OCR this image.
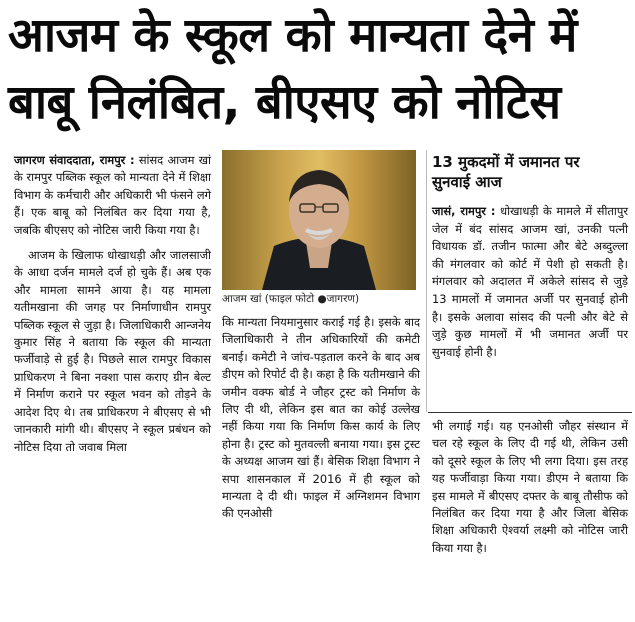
आजम के स्कूल को मान्यता देने में
बाबू निलंबित, बीएसए को नोटिस

जागरण संवाददाता, रामपुर : सांसद आजम खां के रामपुर पब्लिक स्कूल को मान्यता देने में शिक्षा विभाग के कर्मचारी और अधिकारी भी फंसने लगे हैं। एक बाबू को निलंबित कर दिया गया है, जबकि बीएसए को नोटिस जारी किया गया है।

आजम के खिलाफ धोखाधड़ी और जालसाजी के आधा दर्जन मामले दर्ज हो चुके हैं। अब एक और मामला सामने आया है। यह मामला यतीमखाना की जगह पर निर्माणाधीन रामपुर पब्लिक स्कूल से जुड़ा है। जिलाधिकारी आन्जनेय कुमार सिंह ने बताया कि स्कूल की मान्यता फर्जीवाड़े से हुई है। पिछले साल रामपुर विकास प्राधिकरण ने बिना नक्शा पास कराए ग्रीन बेल्ट में निर्माण कराने पर स्कूल भवन को तोड़ने के आदेश दिए थे। तब प्राधिकरण ने बीएसए से भी जानकारी मांगी थी। बीएसए ने स्कूल प्रबंधन को नोटिस दिया तो जवाब मिला

आजम खां (फाइल फोटो ●जागरण)

कि मान्यता नियमानुसार कराई गई है। इसके बाद जिलाधिकारी ने तीन अधिकारियों की कमेटी बनाई। कमेटी ने जांच-पड़ताल करने के बाद अब डीएम को रिपोर्ट दी है। कहा है कि यतीमखाने की जमीन वक्फ बोर्ड ने जौहर ट्रस्ट को निर्माण के लिए दी थी, लेकिन इस बात का कोई उल्लेख नहीं किया गया कि निर्माण किस कार्य के लिए होना है। ट्रस्ट को मुतवल्ली बनाया गया। इस ट्रस्ट के अध्यक्ष आजम खां हैं। बेसिक शिक्षा विभाग ने सपा शासनकाल में 2016 में ही स्कूल को मान्यता दे दी थी। फाइल में अग्निशमन विभाग की एनओसी

13 मुकदमों में जमानत पर
सुनवाई आज

जासं, रामपुर : धोखाधड़ी के मामले में सीतापुर जेल में बंद सांसद आजम खां, उनकी पत्नी विधायक डॉ. तजीन फात्मा और बेटे अब्दुल्ला की मंगलवार को कोर्ट में पेशी हो सकती है। मंगलवार को अदालत में अकेले सांसद से जुड़े 13 मामलों में जमानत अर्जी पर सुनवाई होनी है। इसके अलावा सांसद की पत्नी और बेटे से जुड़े कुछ मामलों में भी जमानत अर्जी पर सुनवाई होनी है।

भी लगाई गई। यह एनओसी जौहर संस्थान में चल रहे स्कूल के लिए दी गई थी, लेकिन उसी को दूसरे स्कूल के लिए भी लगा दिया। इस तरह यह फर्जीवाड़ा किया गया। डीएम ने बताया कि इस मामले में बीएसए दफ्तर के बाबू तौसीफ को निलंबित कर दिया गया है और जिला बेसिक शिक्षा अधिकारी ऐश्वर्या लक्ष्मी को नोटिस जारी किया गया है।
